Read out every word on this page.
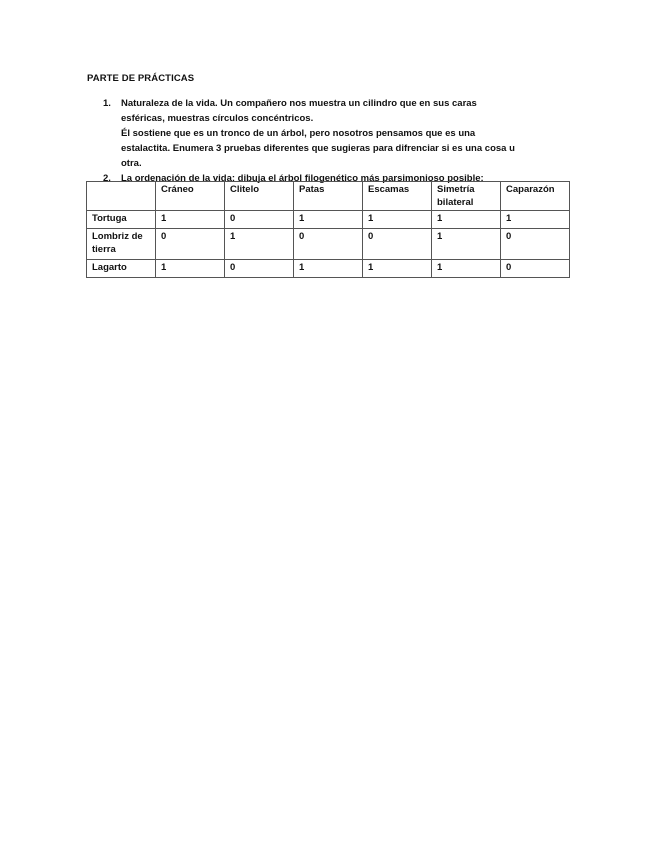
PARTE DE PRÁCTICAS
1. Naturaleza de la vida. Un compañero nos muestra un cilindro que en sus caras esféricas, muestras círculos concéntricos.

Él sostiene que es un tronco de un árbol, pero nosotros pensamos que es una estalactita. Enumera 3 pruebas diferentes que sugieras para difrenciar si es una cosa u otra.

2. La ordenación de la vida: dibuja el árbol filogenético más parsimonioso posible:

	Cráneo	Clitelo	Patas	Escamas	Simetría bilateral	Caparazón
Tortuga	1	0	1	1	1	1
Lombriz de tierra	0	1	0	0	1	0
Lagarto	1	0	1	1	1	0
